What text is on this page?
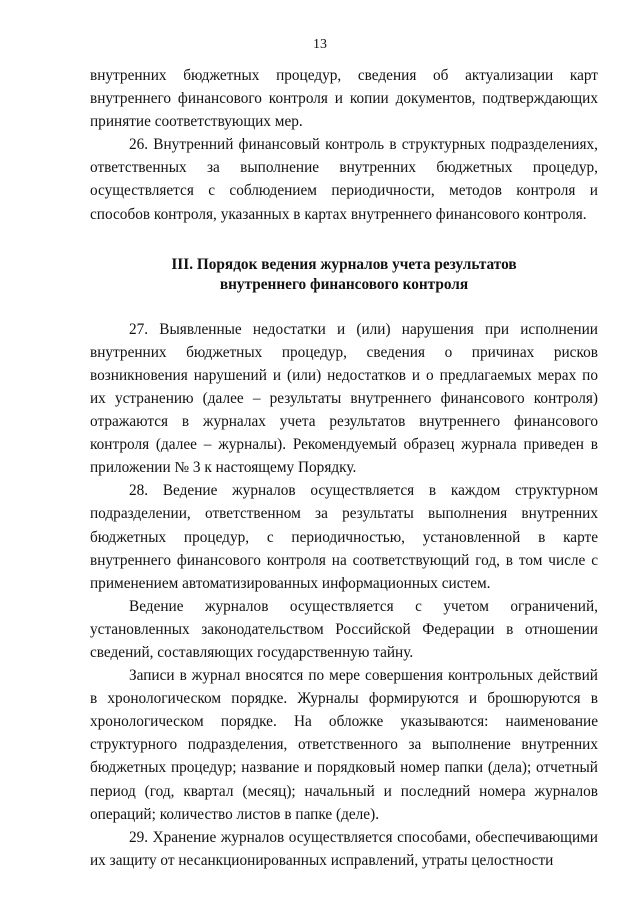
13

внутренних бюджетных процедур, сведения об актуализации карт внутреннего финансового контроля и копии документов, подтверждающих принятие соответствующих мер.

26. Внутренний финансовый контроль в структурных подразделениях, ответственных за выполнение внутренних бюджетных процедур, осуществляется с соблюдением периодичности, методов контроля и способов контроля, указанных в картах внутреннего финансового контроля.

III. Порядок ведения журналов учета результатов
внутреннего финансового контроля

27. Выявленные недостатки и (или) нарушения при исполнении внутренних бюджетных процедур, сведения о причинах рисков возникновения нарушений и (или) недостатков и о предлагаемых мерах по их устранению (далее – результаты внутреннего финансового контроля) отражаются в журналах учета результатов внутреннего финансового контроля (далее – журналы). Рекомендуемый образец журнала приведен в приложении № 3 к настоящему Порядку.

28. Ведение журналов осуществляется в каждом структурном подразделении, ответственном за результаты выполнения внутренних бюджетных процедур, с периодичностью, установленной в карте внутреннего финансового контроля на соответствующий год, в том числе с применением автоматизированных информационных систем.

Ведение журналов осуществляется с учетом ограничений, установленных законодательством Российской Федерации в отношении сведений, составляющих государственную тайну.

Записи в журнал вносятся по мере совершения контрольных действий в хронологическом порядке. Журналы формируются и брошюруются в хронологическом порядке. На обложке указываются: наименование структурного подразделения, ответственного за выполнение внутренних бюджетных процедур; название и порядковый номер папки (дела); отчетный период (год, квартал (месяц); начальный и последний номера журналов операций; количество листов в папке (деле).

29. Хранение журналов осуществляется способами, обеспечивающими их защиту от несанкционированных исправлений, утраты целостности
